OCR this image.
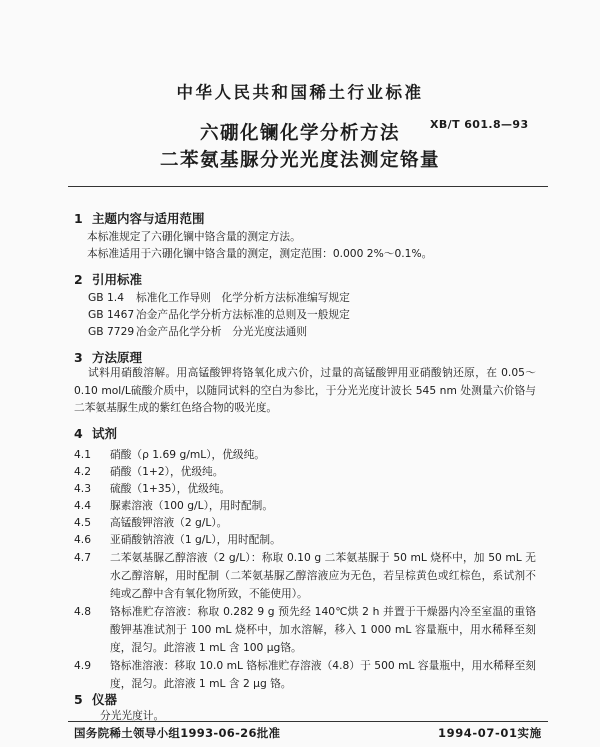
中华人民共和国稀土行业标准
六硼化镧化学分析方法
二苯氨基脲分光光度法测定铬量
XB/T 601.8—93
1 主题内容与适用范围
本标准规定了六硼化镧中铬含量的测定方法。
本标准适用于六硼化镧中铬含量的测定，测定范围：0.000 2%～0.1%。
2 引用标准
GB 1.4 标准化工作导则　化学分析方法标准编写规定
GB 1467 冶金产品化学分析方法标准的总则及一般规定
GB 7729 冶金产品化学分析　分光光度法通则
3 方法原理
试料用硝酸溶解。用高锰酸钾将铬氧化成六价，过量的高锰酸钾用亚硝酸钠还原，在 0.05～0.10 mol/L硫酸介质中，以随同试料的空白为参比，于分光光度计波长 545 nm 处测量六价铬与二苯氨基脲生成的紫红色络合物的吸光度。
4 试剂
4.1 硝酸（ρ 1.69 g/mL），优级纯。
4.2 硝酸（1+2），优级纯。
4.3 硫酸（1+35），优级纯。
4.4 脲素溶液（100 g/L），用时配制。
4.5 高锰酸钾溶液（2 g/L）。
4.6 亚硝酸钠溶液（1 g/L），用时配制。
4.7 二苯氨基脲乙醇溶液（2 g/L）：称取 0.10 g 二苯氨基脲于 50 mL 烧杯中，加 50 mL 无水乙醇溶解，用时配制（二苯氨基脲乙醇溶液应为无色，若呈棕黄色或红棕色，系试剂不纯或乙醇中含有氧化物所致，不能使用）。
4.8 铬标准贮存溶液：称取 0.282 9 g 预先经 140℃烘 2 h 并置于干燥器内冷至室温的重铬酸钾基准试剂于 100 mL 烧杯中，加水溶解，移入 1 000 mL 容量瓶中，用水稀释至刻度，混匀。此溶液 1 mL 含 100 μg铬。
4.9 铬标准溶液：移取 10.0 mL 铬标准贮存溶液（4.8）于 500 mL 容量瓶中，用水稀释至刻度，混匀。此溶液 1 mL 含 2 μg 铬。
5 仪器
分光光度计。
国务院稀土领导小组1993-06-26批准	1994-07-01实施
